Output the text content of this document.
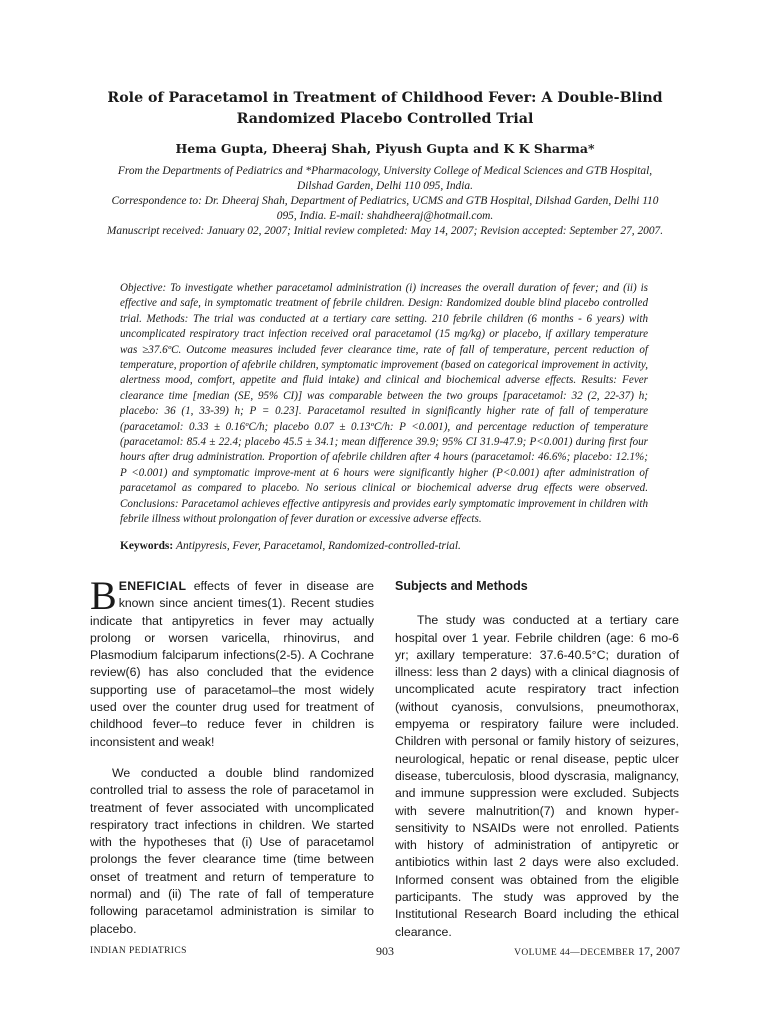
Role of Paracetamol in Treatment of Childhood Fever: A Double-Blind
Randomized Placebo Controlled Trial
Hema Gupta, Dheeraj Shah, Piyush Gupta and K K Sharma*
From the Departments of Pediatrics and *Pharmacology, University College of Medical Sciences and GTB Hospital, Dilshad Garden, Delhi 110 095, India.
Correspondence to: Dr. Dheeraj Shah, Department of Pediatrics, UCMS and GTB Hospital, Dilshad Garden, Delhi 110 095, India. E-mail: shahdheeraj@hotmail.com.
Manuscript received: January 02, 2007; Initial review completed: May 14, 2007; Revision accepted: September 27, 2007.
Objective: To investigate whether paracetamol administration (i) increases the overall duration of fever; and (ii) is effective and safe, in symptomatic treatment of febrile children. Design: Randomized double blind placebo controlled trial. Methods: The trial was conducted at a tertiary care setting. 210 febrile children (6 months - 6 years) with uncomplicated respiratory tract infection received oral paracetamol (15 mg/kg) or placebo, if axillary temperature was ≥37.6ºC. Outcome measures included fever clearance time, rate of fall of temperature, percent reduction of temperature, proportion of afebrile children, symptomatic improvement (based on categorical improvement in activity, alertness mood, comfort, appetite and fluid intake) and clinical and biochemical adverse effects. Results: Fever clearance time [median (SE, 95% CI)] was comparable between the two groups [paracetamol: 32 (2, 22-37) h; placebo: 36 (1, 33-39) h; P = 0.23]. Paracetamol resulted in significantly higher rate of fall of temperature (paracetamol: 0.33 ± 0.16ºC/h; placebo 0.07 ± 0.13ºC/h: P <0.001), and percentage reduction of temperature (paracetamol: 85.4 ± 22.4; placebo 45.5 ± 34.1; mean difference 39.9; 95% CI 31.9-47.9; P<0.001) during first four hours after drug administration. Proportion of afebrile children after 4 hours (paracetamol: 46.6%; placebo: 12.1%; P <0.001) and symptomatic improve-ment at 6 hours were significantly higher (P<0.001) after administration of paracetamol as compared to placebo. No serious clinical or biochemical adverse drug effects were observed. Conclusions: Paracetamol achieves effective antipyresis and provides early symptomatic improvement in children with febrile illness without prolongation of fever duration or excessive adverse effects.
Keywords: Antipyresis, Fever, Paracetamol, Randomized-controlled-trial.

BENEFICIAL effects of fever in disease are known since ancient times(1). Recent studies indicate that antipyretics in fever may actually prolong or worsen varicella, rhinovirus, and Plasmodium falciparum infections(2-5). A Cochrane review(6) has also concluded that the evidence supporting use of paracetamol–the most widely used over the counter drug used for treatment of childhood fever–to reduce fever in children is inconsistent and weak!

We conducted a double blind randomized controlled trial to assess the role of paracetamol in treatment of fever associated with uncomplicated respiratory tract infections in children. We started with the hypotheses that (i) Use of paracetamol prolongs the fever clearance time (time between onset of treatment and return of temperature to normal) and (ii) The rate of fall of temperature following paracetamol administration is similar to placebo.

Subjects and Methods

The study was conducted at a tertiary care hospital over 1 year. Febrile children (age: 6 mo-6 yr; axillary temperature: 37.6-40.5°C; duration of illness: less than 2 days) with a clinical diagnosis of uncomplicated acute respiratory tract infection (without cyanosis, convulsions, pneumothorax, empyema or respiratory failure were included. Children with personal or family history of seizures, neurological, hepatic or renal disease, peptic ulcer disease, tuberculosis, blood dyscrasia, malignancy, and immune suppression were excluded. Subjects with severe malnutrition(7) and known hyper-sensitivity to NSAIDs were not enrolled. Patients with history of administration of antipyretic or antibiotics within last 2 days were also excluded. Informed consent was obtained from the eligible participants. The study was approved by the Institutional Research Board including the ethical clearance.

INDIAN PEDIATRICS	903	VOLUME 44—DECEMBER 17, 2007
